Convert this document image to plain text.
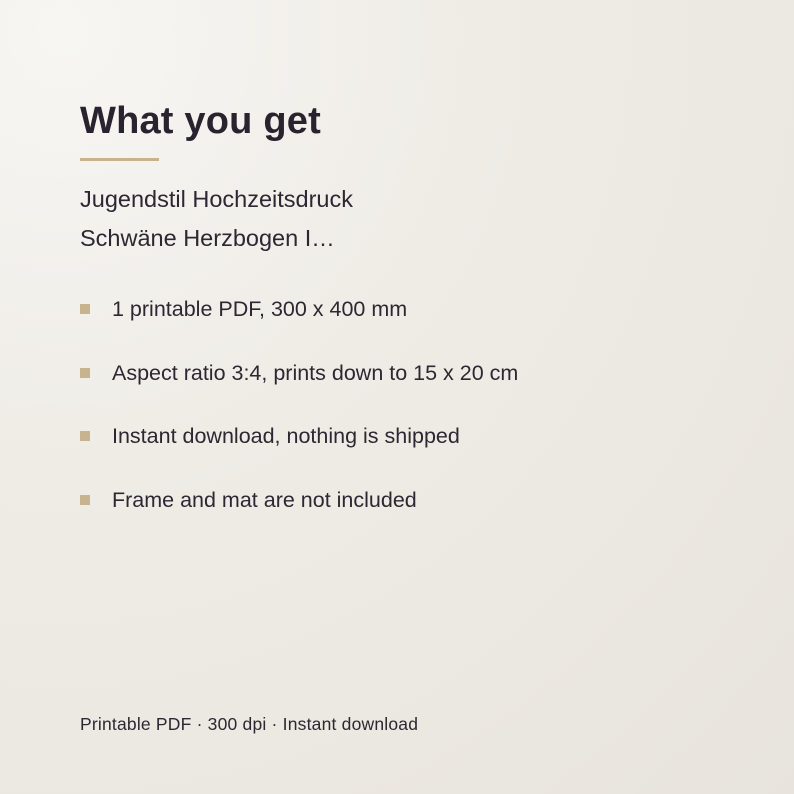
What you get
Jugendstil Hochzeitsdruck
Schwäne Herzbogen I…
1 printable PDF, 300 x 400 mm
Aspect ratio 3:4, prints down to 15 x 20 cm
Instant download, nothing is shipped
Frame and mat are not included
Printable PDF · 300 dpi · Instant download
